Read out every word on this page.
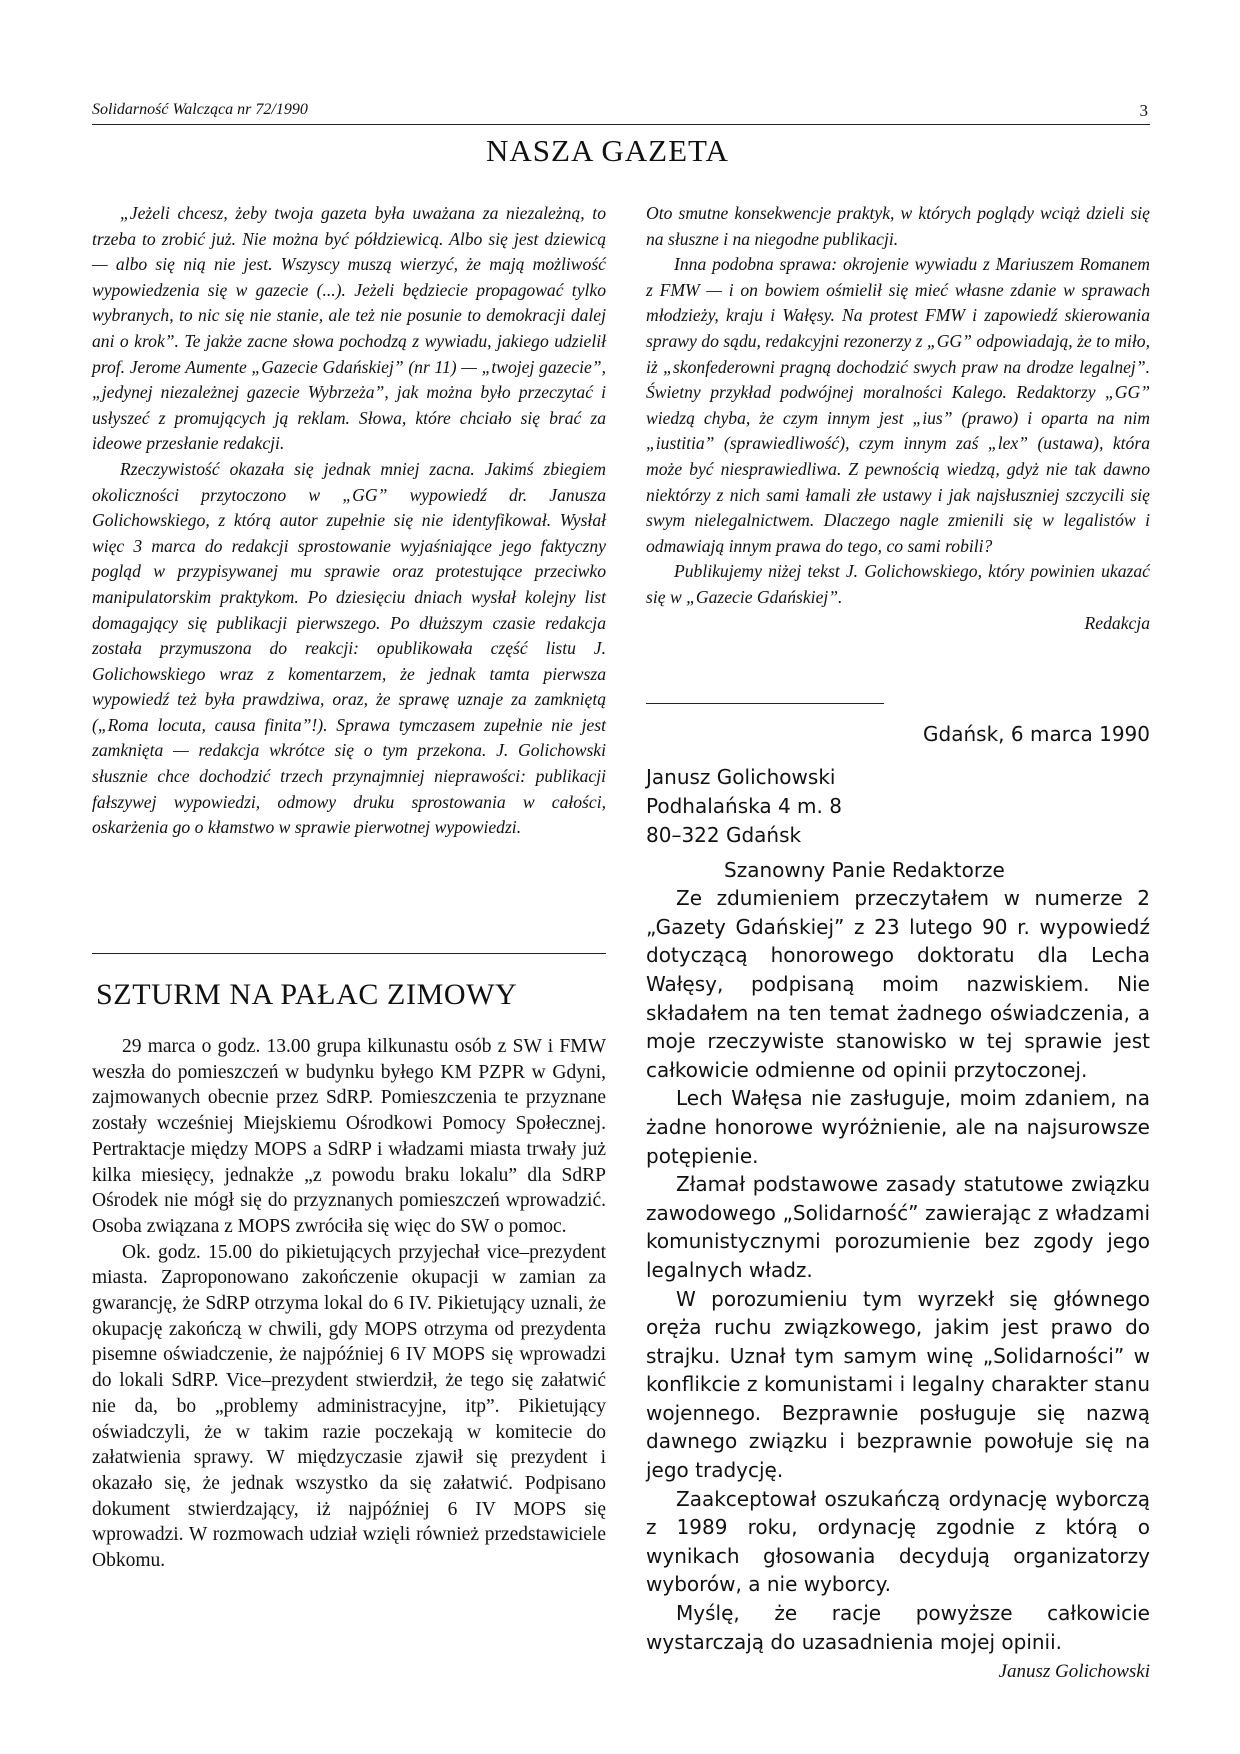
Solidarność Walcząca nr 72/1990	3
NASZA GAZETA

„Jeżeli chcesz, żeby twoja gazeta była uważana za niezależną, to trzeba to zrobić już. Nie można być półdziewicą. Albo się jest dziewicą — albo się nią nie jest. Wszyscy muszą wierzyć, że mają możliwość wypowiedzenia się w gazecie (...). Jeżeli będziecie propagować tylko wybranych, to nic się nie stanie, ale też nie posunie to demokracji dalej ani o krok”. Te jakże zacne słowa pochodzą z wywiadu, jakiego udzielił prof. Jerome Aumente „Gazecie Gdańskiej” (nr 11) — „twojej gazecie”, „jedynej niezależnej gazecie Wybrzeża”, jak można było przeczytać i usłyszeć z promujących ją reklam. Słowa, które chciało się brać za ideowe przesłanie redakcji.

Rzeczywistość okazała się jednak mniej zacna. Jakimś zbiegiem okoliczności przytoczono w „GG” wypowiedź dr. Janusza Golichowskiego, z którą autor zupełnie się nie identyfikował. Wysłał więc 3 marca do redakcji sprostowanie wyjaśniające jego faktyczny pogląd w przypisywanej mu sprawie oraz protestujące przeciwko manipulatorskim praktykom. Po dziesięciu dniach wysłał kolejny list domagający się publikacji pierwszego. Po dłuższym czasie redakcja została przymuszona do reakcji: opublikowała część listu J. Golichowskiego wraz z komentarzem, że jednak tamta pierwsza wypowiedź też była prawdziwa, oraz, że sprawę uznaje za zamkniętą („Roma locuta, causa finita”!). Sprawa tymczasem zupełnie nie jest zamknięta — redakcja wkrótce się o tym przekona. J. Golichowski słusznie chce dochodzić trzech przynajmniej nieprawości: publikacji fałszywej wypowiedzi, odmowy druku sprostowania w całości, oskarżenia go o kłamstwo w sprawie pierwotnej wypowiedzi.

Oto smutne konsekwencje praktyk, w których poglądy wciąż dzieli się na słuszne i na niegodne publikacji.

Inna podobna sprawa: okrojenie wywiadu z Mariuszem Romanem z FMW — i on bowiem ośmielił się mieć własne zdanie w sprawach młodzieży, kraju i Wałęsy. Na protest FMW i zapowiedź skierowania sprawy do sądu, redakcyjni rezonerzy z „GG” odpowiadają, że to miło, iż „skonfederowni pragną dochodzić swych praw na drodze legalnej”. Świetny przykład podwójnej moralności Kalego. Redaktorzy „GG” wiedzą chyba, że czym innym jest „ius” (prawo) i oparta na nim „iustitia” (sprawiedliwość), czym innym zaś „lex” (ustawa), która może być niesprawiedliwa. Z pewnością wiedzą, gdyż nie tak dawno niektórzy z nich sami łamali złe ustawy i jak najsłuszniej szczycili się swym nielegalnictwem. Dlaczego nagle zmienili się w legalistów i odmawiają innym prawa do tego, co sami robili?

Publikujemy niżej tekst J. Golichowskiego, który powinien ukazać się w „Gazecie Gdańskiej”.

Redakcja
SZTURM NA PAŁAC ZIMOWY

29 marca o godz. 13.00 grupa kilkunastu osób z SW i FMW weszła do pomieszczeń w budynku byłego KM PZPR w Gdyni, zajmowanych obecnie przez SdRP. Pomieszczenia te przyznane zostały wcześniej Miejskiemu Ośrodkowi Pomocy Społecznej. Pertraktacje między MOPS a SdRP i władzami miasta trwały już kilka miesięcy, jednakże „z powodu braku lokalu” dla SdRP Ośrodek nie mógł się do przyznanych pomieszczeń wprowadzić. Osoba związana z MOPS zwróciła się więc do SW o pomoc.

Ok. godz. 15.00 do pikietujących przyjechał vice–prezydent miasta. Zaproponowano zakończenie okupacji w zamian za gwarancję, że SdRP otrzyma lokal do 6 IV. Pikietujący uznali, że okupację zakończą w chwili, gdy MOPS otrzyma od prezydenta pisemne oświadczenie, że najpóźniej 6 IV MOPS się wprowadzi do lokali SdRP. Vice–prezydent stwierdził, że tego się załatwić nie da, bo „problemy administracyjne, itp”. Pikietujący oświadczyli, że w takim razie poczekają w komitecie do załatwienia sprawy. W międzyczasie zjawił się prezydent i okazało się, że jednak wszystko da się załatwić. Podpisano dokument stwierdzający, iż najpóźniej 6 IV MOPS się wprowadzi. W rozmowach udział wzięli również przedstawiciele Obkomu.

Gdańsk, 6 marca 1990
Janusz Golichowski
Podhalańska 4 m. 8
80–322 Gdańsk
Szanowny Panie Redaktorze

Ze zdumieniem przeczytałem w numerze 2 „Gazety Gdańskiej” z 23 lutego 90 r. wypowiedź dotyczącą honorowego doktoratu dla Lecha Wałęsy, podpisaną moim nazwiskiem. Nie składałem na ten temat żadnego oświadczenia, a moje rzeczywiste stanowisko w tej sprawie jest całkowicie odmienne od opinii przytoczonej.

Lech Wałęsa nie zasługuje, moim zdaniem, na żadne honorowe wyróżnienie, ale na najsurowsze potępienie.

Złamał podstawowe zasady statutowe związku zawodowego „Solidarność” zawierając z władzami komunistycznymi porozumienie bez zgody jego legalnych władz.

W porozumieniu tym wyrzekł się głównego oręża ruchu związkowego, jakim jest prawo do strajku. Uznał tym samym winę „Solidarności” w konflikcie z komunistami i legalny charakter stanu wojennego. Bezprawnie posługuje się nazwą dawnego związku i bezprawnie powołuje się na jego tradycję.

Zaakceptował oszukańczą ordynację wyborczą z 1989 roku, ordynację zgodnie z którą o wynikach głosowania decydują organizatorzy wyborów, a nie wyborcy.

Myślę, że racje powyższe całkowicie wystarczają do uzasadnienia mojej opinii.

Janusz Golichowski
